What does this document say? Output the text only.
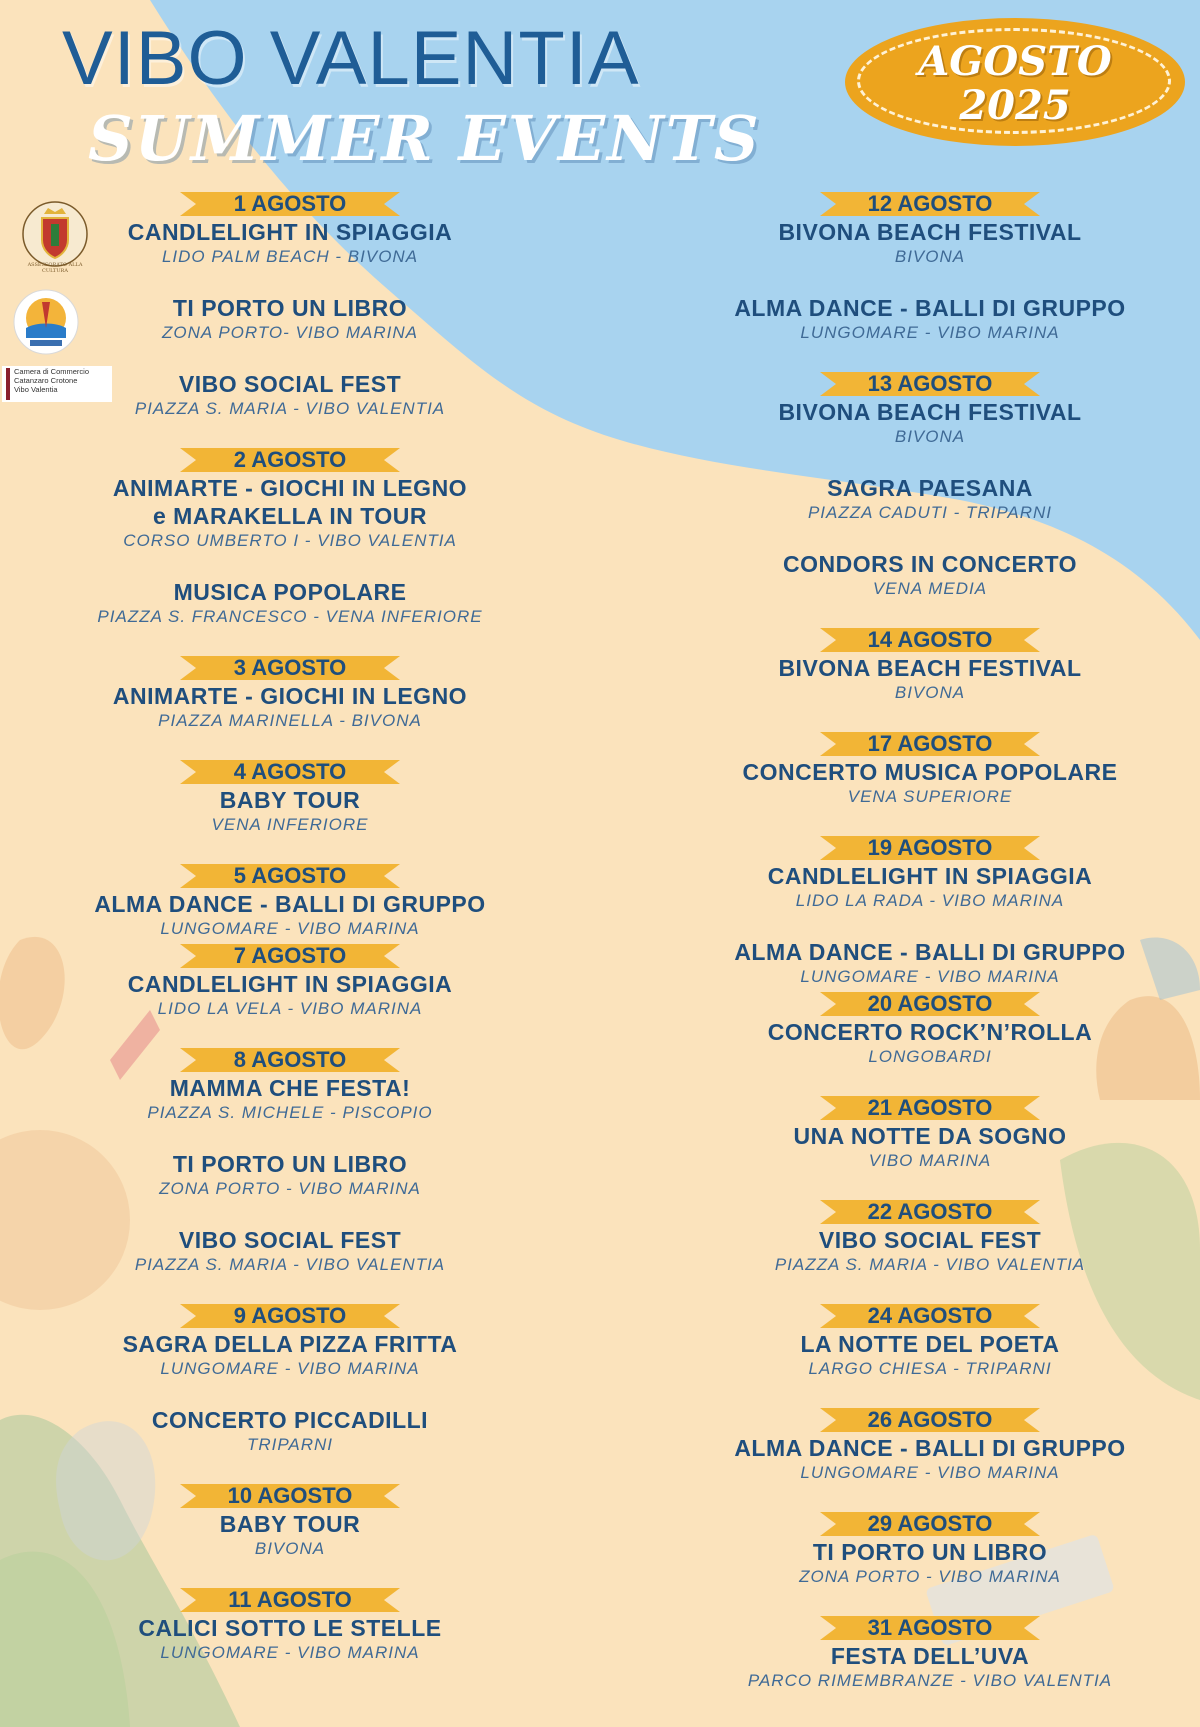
VIBO VALENTIA
SUMMER EVENTS
AGOSTO
2025
ASSESSORATO ALLA CULTURA
Camera di Commercio
Catanzaro Crotone
Vibo Valentia
1 AGOSTO
CANDLELIGHT IN SPIAGGIA
LIDO PALM BEACH - BIVONA
TI PORTO UN LIBRO
ZONA PORTO- VIBO MARINA
VIBO SOCIAL FEST
PIAZZA S. MARIA - VIBO VALENTIA
2 AGOSTO
ANIMARTE - GIOCHI IN LEGNO
e MARAKELLA IN TOUR
CORSO UMBERTO I - VIBO VALENTIA
MUSICA POPOLARE
PIAZZA S. FRANCESCO - VENA INFERIORE
3 AGOSTO
ANIMARTE - GIOCHI IN LEGNO
PIAZZA MARINELLA - BIVONA
4 AGOSTO
BABY TOUR
VENA INFERIORE
5 AGOSTO
ALMA DANCE - BALLI DI GRUPPO
LUNGOMARE - VIBO MARINA
7 AGOSTO
CANDLELIGHT IN SPIAGGIA
LIDO LA VELA - VIBO MARINA
8 AGOSTO
MAMMA CHE FESTA!
PIAZZA S. MICHELE - PISCOPIO
TI PORTO UN LIBRO
ZONA PORTO - VIBO MARINA
VIBO SOCIAL FEST
PIAZZA S. MARIA - VIBO VALENTIA
9 AGOSTO
SAGRA DELLA PIZZA FRITTA
LUNGOMARE - VIBO MARINA
CONCERTO PICCADILLI
TRIPARNI
10 AGOSTO
BABY TOUR
BIVONA
11 AGOSTO
CALICI SOTTO LE STELLE
LUNGOMARE - VIBO MARINA
12 AGOSTO
BIVONA BEACH FESTIVAL
BIVONA
ALMA DANCE - BALLI DI GRUPPO
LUNGOMARE - VIBO MARINA
13 AGOSTO
BIVONA BEACH FESTIVAL
BIVONA
SAGRA PAESANA
PIAZZA CADUTI - TRIPARNI
CONDORS IN CONCERTO
VENA MEDIA
14 AGOSTO
BIVONA BEACH FESTIVAL
BIVONA
17 AGOSTO
CONCERTO MUSICA POPOLARE
VENA SUPERIORE
19 AGOSTO
CANDLELIGHT IN SPIAGGIA
LIDO LA RADA - VIBO MARINA
ALMA DANCE - BALLI DI GRUPPO
LUNGOMARE - VIBO MARINA
20 AGOSTO
CONCERTO ROCK’N’ROLLA
LONGOBARDI
21 AGOSTO
UNA NOTTE DA SOGNO
VIBO MARINA
22 AGOSTO
VIBO SOCIAL FEST
PIAZZA S. MARIA - VIBO VALENTIA
24 AGOSTO
LA NOTTE DEL POETA
LARGO CHIESA - TRIPARNI
26 AGOSTO
ALMA DANCE - BALLI DI GRUPPO
LUNGOMARE - VIBO MARINA
29 AGOSTO
TI PORTO UN LIBRO
ZONA PORTO - VIBO MARINA
31 AGOSTO
FESTA DELL’UVA
PARCO RIMEMBRANZE - VIBO VALENTIA
